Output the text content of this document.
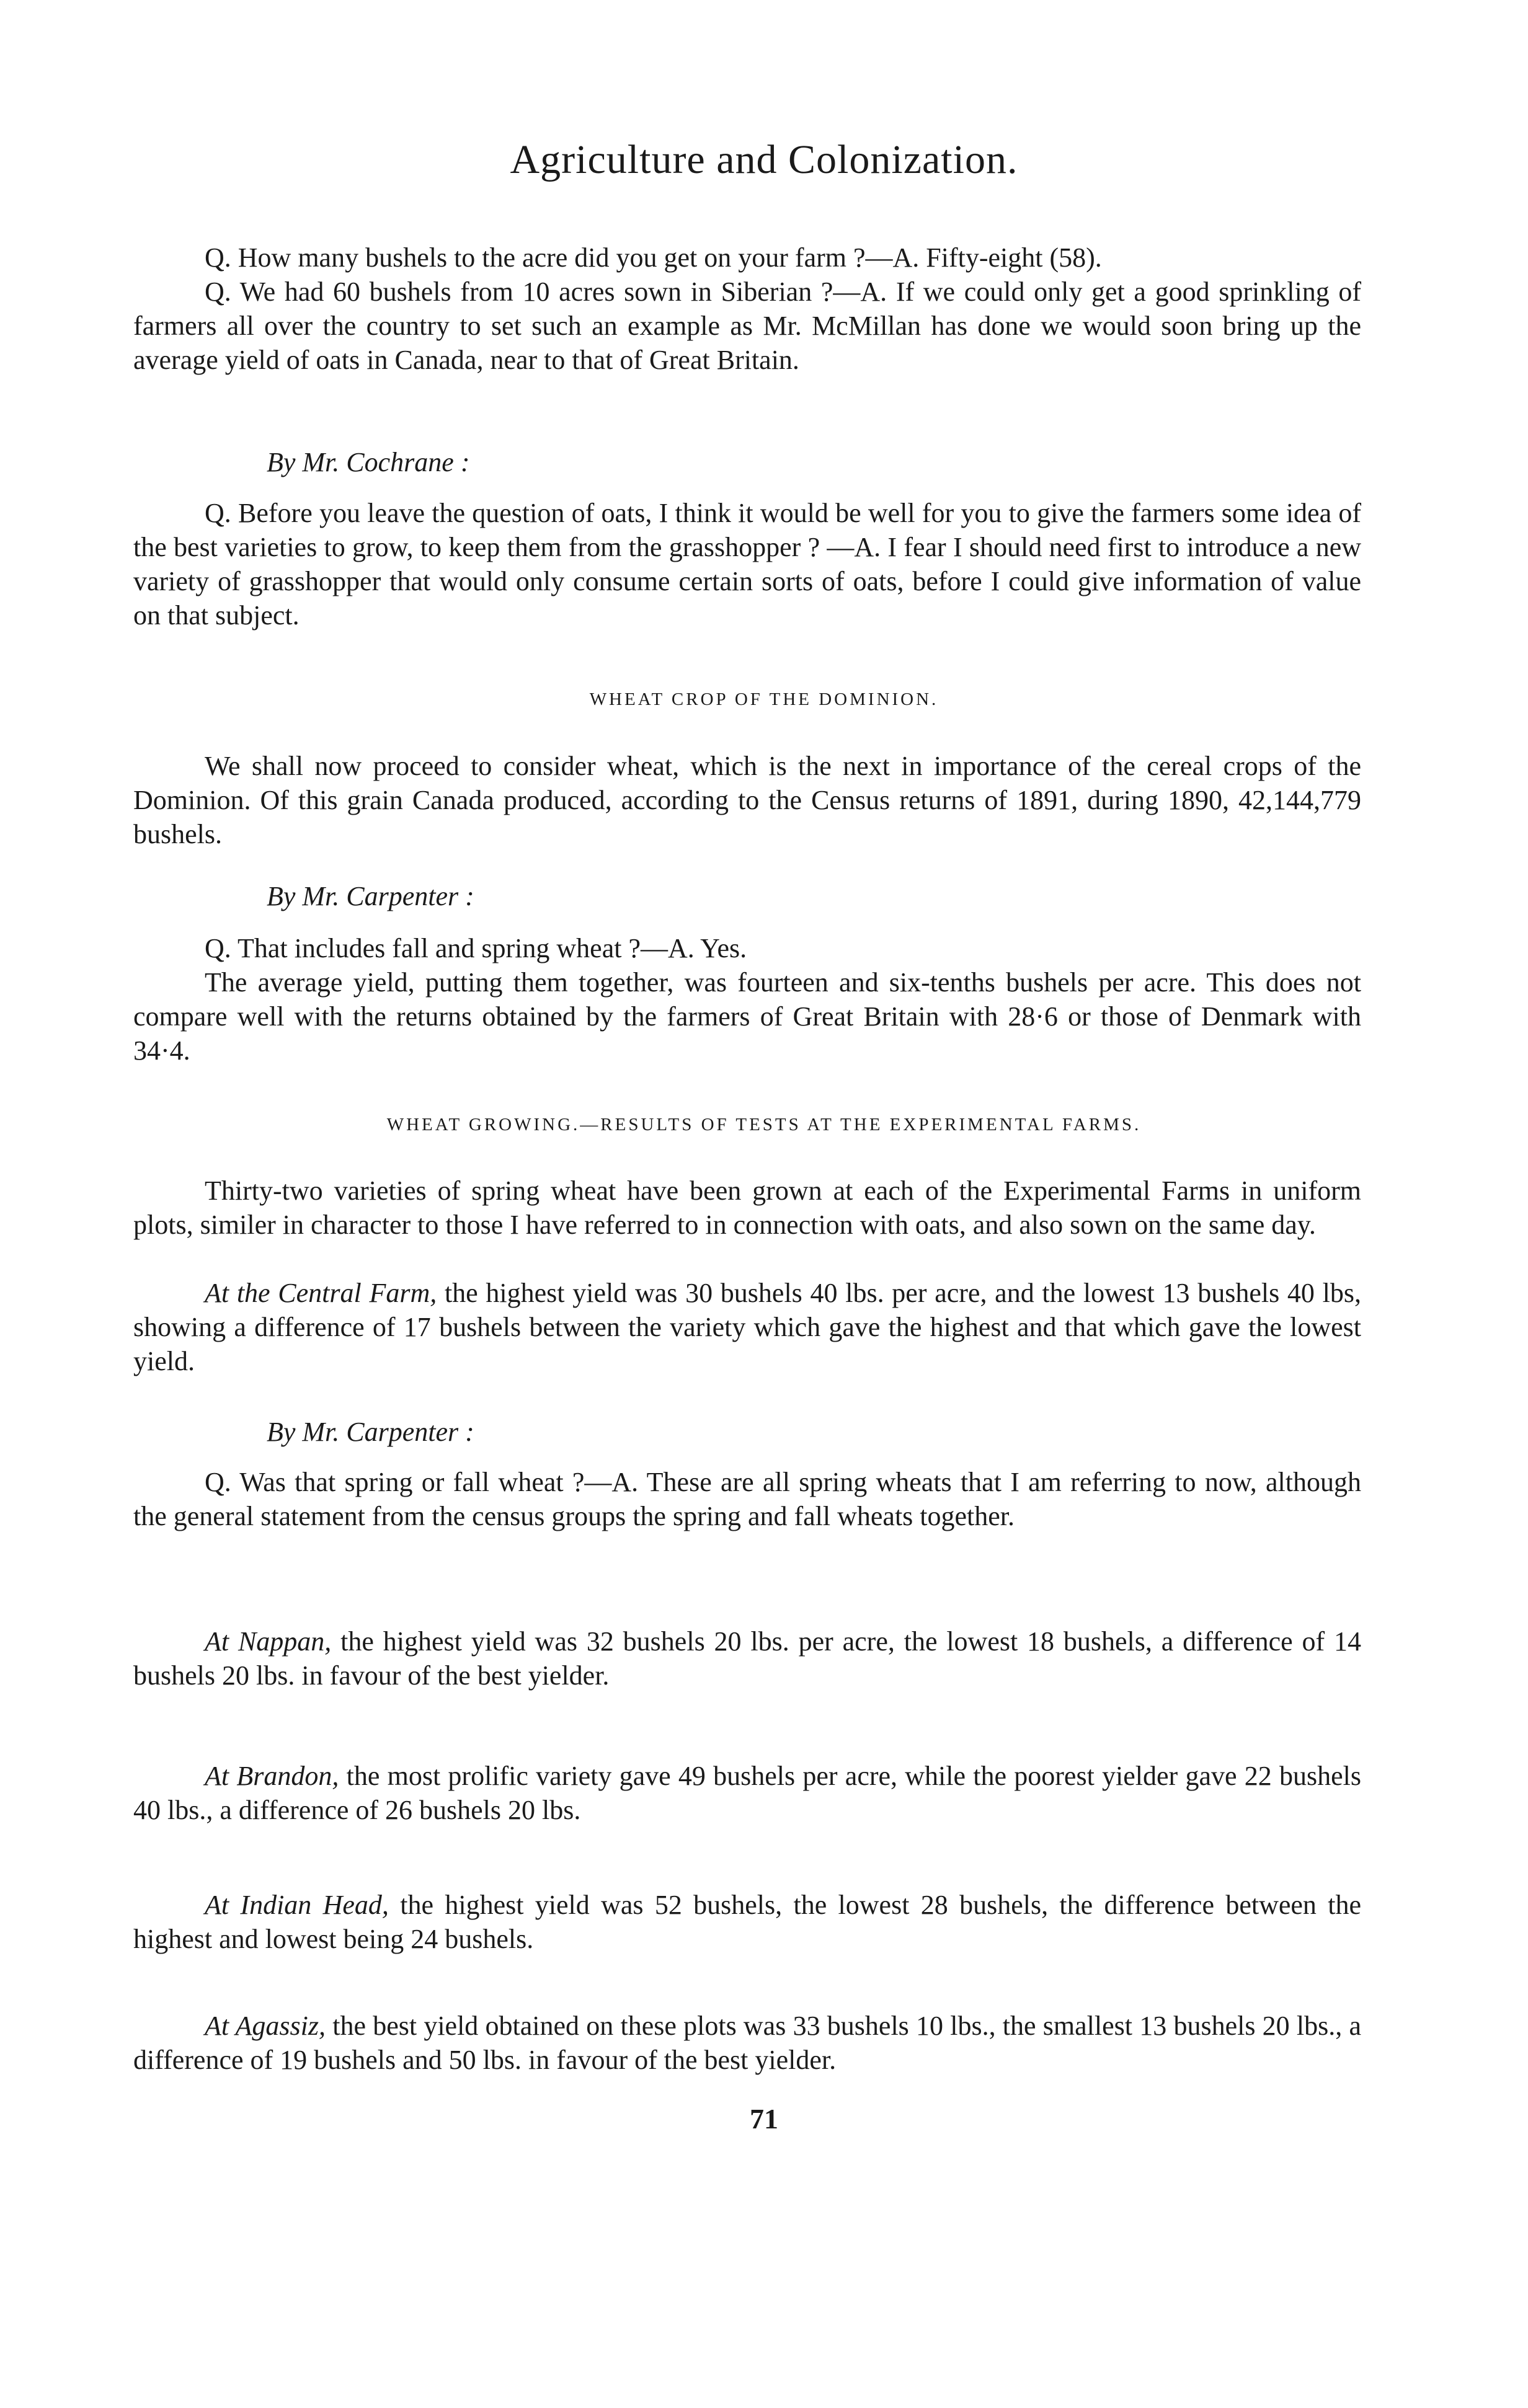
Agriculture and Colonization.

Q. How many bushels to the acre did you get on your farm ?—A. Fifty-eight (58).

Q. We had 60 bushels from 10 acres sown in Siberian ?—A. If we could only get a good sprinkling of farmers all over the country to set such an example as Mr. McMillan has done we would soon bring up the average yield of oats in Canada, near to that of Great Britain.

By Mr. Cochrane :

Q. Before you leave the question of oats, I think it would be well for you to give the farmers some idea of the best varieties to grow, to keep them from the grasshopper ? —A. I fear I should need first to introduce a new variety of grasshopper that would only consume certain sorts of oats, before I could give information of value on that subject.

WHEAT CROP OF THE DOMINION.

We shall now proceed to consider wheat, which is the next in importance of the cereal crops of the Dominion. Of this grain Canada produced, according to the Census returns of 1891, during 1890, 42,144,779 bushels.

By Mr. Carpenter :

Q. That includes fall and spring wheat ?—A. Yes.

The average yield, putting them together, was fourteen and six-tenths bushels per acre. This does not compare well with the returns obtained by the farmers of Great Britain with 28·6 or those of Denmark with 34·4.

WHEAT GROWING.—RESULTS OF TESTS AT THE EXPERIMENTAL FARMS.

Thirty-two varieties of spring wheat have been grown at each of the Experimental Farms in uniform plots, similer in character to those I have referred to in connection with oats, and also sown on the same day.

At the Central Farm, the highest yield was 30 bushels 40 lbs. per acre, and the lowest 13 bushels 40 lbs, showing a difference of 17 bushels between the variety which gave the highest and that which gave the lowest yield.

By Mr. Carpenter :

Q. Was that spring or fall wheat ?—A. These are all spring wheats that I am referring to now, although the general statement from the census groups the spring and fall wheats together.

At Nappan, the highest yield was 32 bushels 20 lbs. per acre, the lowest 18 bushels, a difference of 14 bushels 20 lbs. in favour of the best yielder.

At Brandon, the most prolific variety gave 49 bushels per acre, while the poorest yielder gave 22 bushels 40 lbs., a difference of 26 bushels 20 lbs.

At Indian Head, the highest yield was 52 bushels, the lowest 28 bushels, the difference between the highest and lowest being 24 bushels.

At Agassiz, the best yield obtained on these plots was 33 bushels 10 lbs., the smallest 13 bushels 20 lbs., a difference of 19 bushels and 50 lbs. in favour of the best yielder.

71
